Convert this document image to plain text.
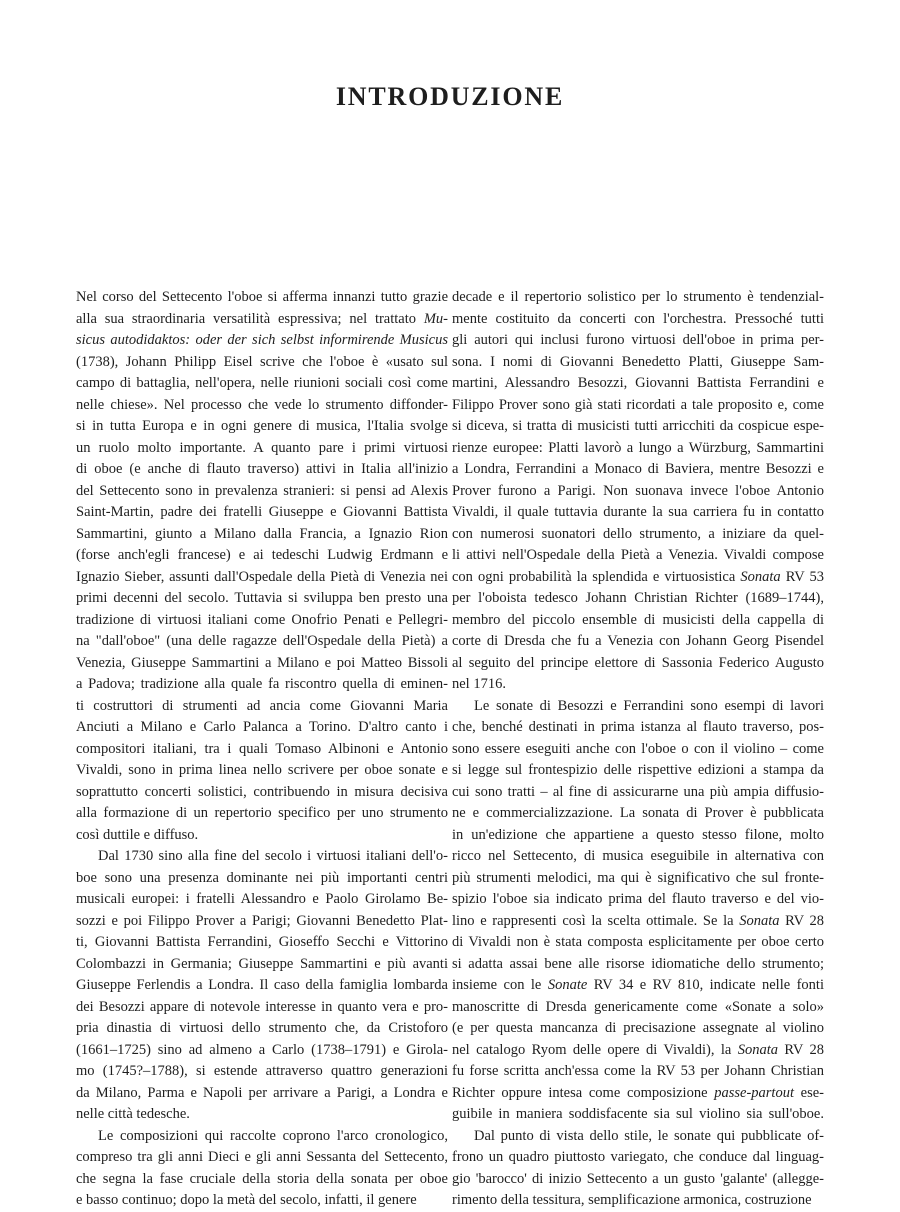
INTRODUZIONE
Nel corso del Settecento l'oboe si afferma innanzi tutto grazie
alla sua straordinaria versatilità espressiva; nel trattato Mu-
sicus autodidaktos: oder der sich selbst informirende Musicus
(1738), Johann Philipp Eisel scrive che l'oboe è «usato sul
campo di battaglia, nell'opera, nelle riunioni sociali così come
nelle chiese». Nel processo che vede lo strumento diffonder-
si in tutta Europa e in ogni genere di musica, l'Italia svolge
un ruolo molto importante. A quanto pare i primi virtuosi
di oboe (e anche di flauto traverso) attivi in Italia all'inizio
del Settecento sono in prevalenza stranieri: si pensi ad Alexis
Saint-Martin, padre dei fratelli Giuseppe e Giovanni Battista
Sammartini, giunto a Milano dalla Francia, a Ignazio Rion
(forse anch'egli francese) e ai tedeschi Ludwig Erdmann e
Ignazio Sieber, assunti dall'Ospedale della Pietà di Venezia nei
primi decenni del secolo. Tuttavia si sviluppa ben presto una
tradizione di virtuosi italiani come Onofrio Penati e Pellegri-
na "dall'oboe" (una delle ragazze dell'Ospedale della Pietà) a
Venezia, Giuseppe Sammartini a Milano e poi Matteo Bissoli
a Padova; tradizione alla quale fa riscontro quella di eminen-
ti costruttori di strumenti ad ancia come Giovanni Maria
Anciuti a Milano e Carlo Palanca a Torino. D'altro canto i
compositori italiani, tra i quali Tomaso Albinoni e Antonio
Vivaldi, sono in prima linea nello scrivere per oboe sonate e
soprattutto concerti solistici, contribuendo in misura decisiva
alla formazione di un repertorio specifico per uno strumento
così duttile e diffuso.
Dal 1730 sino alla fine del secolo i virtuosi italiani dell'o-
boe sono una presenza dominante nei più importanti centri
musicali europei: i fratelli Alessandro e Paolo Girolamo Be-
sozzi e poi Filippo Prover a Parigi; Giovanni Benedetto Plat-
ti, Giovanni Battista Ferrandini, Gioseffo Secchi e Vittorino
Colombazzi in Germania; Giuseppe Sammartini e più avanti
Giuseppe Ferlendis a Londra. Il caso della famiglia lombarda
dei Besozzi appare di notevole interesse in quanto vera e pro-
pria dinastia di virtuosi dello strumento che, da Cristoforo
(1661–1725) sino ad almeno a Carlo (1738–1791) e Girola-
mo (1745?–1788), si estende attraverso quattro generazioni
da Milano, Parma e Napoli per arrivare a Parigi, a Londra e
nelle città tedesche.
Le composizioni qui raccolte coprono l'arco cronologico,
compreso tra gli anni Dieci e gli anni Sessanta del Settecento,
che segna la fase cruciale della storia della sonata per oboe
e basso continuo; dopo la metà del secolo, infatti, il genere
decade e il repertorio solistico per lo strumento è tendenzial-
mente costituito da concerti con l'orchestra. Pressoché tutti
gli autori qui inclusi furono virtuosi dell'oboe in prima per-
sona. I nomi di Giovanni Benedetto Platti, Giuseppe Sam-
martini, Alessandro Besozzi, Giovanni Battista Ferrandini e
Filippo Prover sono già stati ricordati a tale proposito e, come
si diceva, si tratta di musicisti tutti arricchiti da cospicue espe-
rienze europee: Platti lavorò a lungo a Würzburg, Sammartini
a Londra, Ferrandini a Monaco di Baviera, mentre Besozzi e
Prover furono a Parigi. Non suonava invece l'oboe Antonio
Vivaldi, il quale tuttavia durante la sua carriera fu in contatto
con numerosi suonatori dello strumento, a iniziare da quel-
li attivi nell'Ospedale della Pietà a Venezia. Vivaldi compose
con ogni probabilità la splendida e virtuosistica Sonata RV 53
per l'oboista tedesco Johann Christian Richter (1689–1744),
membro del piccolo ensemble di musicisti della cappella di
corte di Dresda che fu a Venezia con Johann Georg Pisendel
al seguito del principe elettore di Sassonia Federico Augusto
nel 1716.
Le sonate di Besozzi e Ferrandini sono esempi di lavori
che, benché destinati in prima istanza al flauto traverso, pos-
sono essere eseguiti anche con l'oboe o con il violino – come
si legge sul frontespizio delle rispettive edizioni a stampa da
cui sono tratti – al fine di assicurarne una più ampia diffusio-
ne e commercializzazione. La sonata di Prover è pubblicata
in un'edizione che appartiene a questo stesso filone, molto
ricco nel Settecento, di musica eseguibile in alternativa con
più strumenti melodici, ma qui è significativo che sul fronte-
spizio l'oboe sia indicato prima del flauto traverso e del vio-
lino e rappresenti così la scelta ottimale. Se la Sonata RV 28
di Vivaldi non è stata composta esplicitamente per oboe certo
si adatta assai bene alle risorse idiomatiche dello strumento;
insieme con le Sonate RV 34 e RV 810, indicate nelle fonti
manoscritte di Dresda genericamente come «Sonate a solo»
(e per questa mancanza di precisazione assegnate al violino
nel catalogo Ryom delle opere di Vivaldi), la Sonata RV 28
fu forse scritta anch'essa come la RV 53 per Johann Christian
Richter oppure intesa come composizione passe-partout ese-
guibile in maniera soddisfacente sia sul violino sia sull'oboe.
Dal punto di vista dello stile, le sonate qui pubblicate of-
frono un quadro piuttosto variegato, che conduce dal linguag-
gio 'barocco' di inizio Settecento a un gusto 'galante' (allegge-
rimento della tessitura, semplificazione armonica, costruzione
